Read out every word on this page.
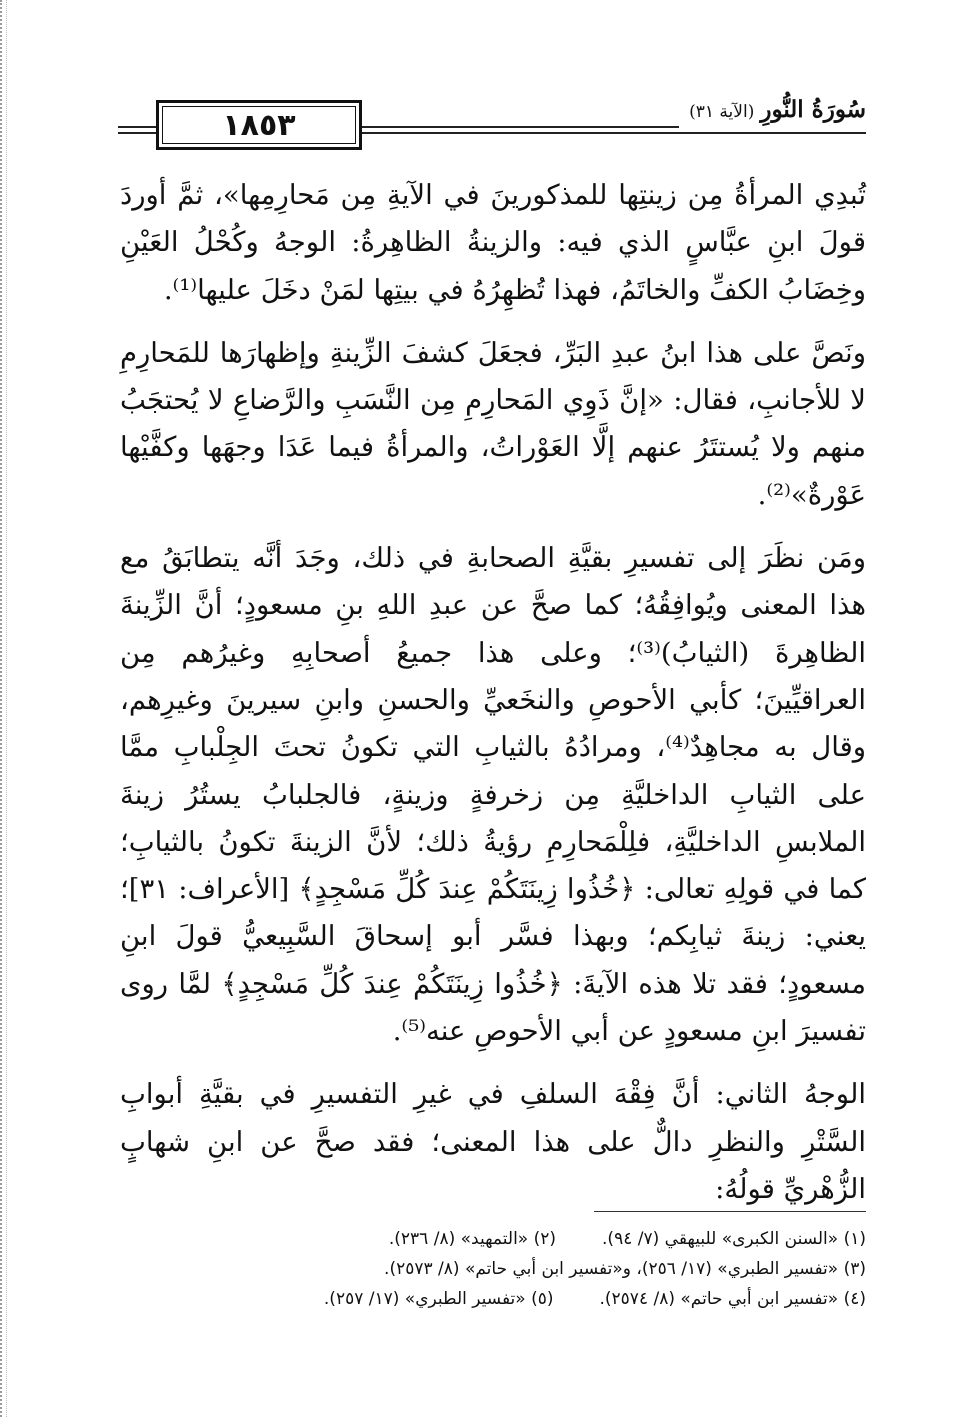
سُورَةُ النُّورِ
(الآية ٣١)
١٨٥٣

تُبدِي المرأةُ مِن زينتِها للمذكورينَ في الآيةِ مِن مَحارِمِها»، ثمَّ أوردَ قولَ ابنِ عبَّاسٍ الذي فيه: والزينةُ الظاهِرةُ: الوجهُ وكُحْلُ العَيْنِ وخِضَابُ الكفِّ والخاتَمُ، فهذا تُظهِرُهُ في بيتِها لمَنْ دخَلَ عليها⁽¹⁾.

ونَصَّ على هذا ابنُ عبدِ البَرِّ، فجعَلَ كشفَ الزِّينةِ وإظهارَها للمَحارِمِ لا للأجانبِ، فقال: «إنَّ ذَوِي المَحارِمِ مِن النَّسَبِ والرَّضاعِ لا يُحتجَبُ منهم ولا يُستتَرُ عنهم إلَّا العَوْراتُ، والمرأةُ فيما عَدَا وجهَها وكفَّيْها عَوْرةٌ»⁽²⁾.

ومَن نظَرَ إلى تفسيرِ بقيَّةِ الصحابةِ في ذلك، وجَدَ أنَّه يتطابَقُ مع هذا المعنى ويُوافِقُهُ؛ كما صحَّ عن عبدِ اللهِ بنِ مسعودٍ؛ أنَّ الزِّينةَ الظاهِرةَ (الثيابُ)⁽³⁾؛ وعلى هذا جميعُ أصحابِهِ وغيرُهم مِن العراقيِّينَ؛ كأبي الأحوصِ والنخَعيِّ والحسنِ وابنِ سيرينَ وغيرِهم، وقال به مجاهِدٌ⁽⁴⁾، ومرادُهُ بالثيابِ التي تكونُ تحتَ الجِلْبابِ ممَّا على الثيابِ الداخليَّةِ مِن زخرفةٍ وزينةٍ، فالجلبابُ يستُرُ زينةَ الملابسِ الداخليَّةِ، فلِلْمَحارِمِ رؤيةُ ذلك؛ لأنَّ الزينةَ تكونُ بالثيابِ؛ كما في قولِهِ تعالى: ﴿خُذُوا زِينَتَكُمْ عِندَ كُلِّ مَسْجِدٍ﴾ [الأعراف: ٣١]؛ يعني: زينةَ ثيابِكم؛ وبهذا فسَّر أبو إسحاقَ السَّبِيعيُّ قولَ ابنِ مسعودٍ؛ فقد تلا هذه الآيةَ: ﴿خُذُوا زِينَتَكُمْ عِندَ كُلِّ مَسْجِدٍ﴾ لمَّا روى تفسيرَ ابنِ مسعودٍ عن أبي الأحوصِ عنه⁽⁵⁾.

الوجهُ الثاني: أنَّ فِقْهَ السلفِ في غيرِ التفسيرِ في بقيَّةِ أبوابِ السَّتْرِ والنظرِ دالٌّ على هذا المعنى؛ فقد صحَّ عن ابنِ شهابٍ الزُّهْريِّ قولُهُ:

(١) «السنن الكبرى» للبيهقي (٧/ ٩٤).(٢) «التمهيد» (٨/ ٢٣٦).
(٣) «تفسير الطبري» (١٧/ ٢٥٦)، و«تفسير ابن أبي حاتم» (٨/ ٢٥٧٣).
(٤) «تفسير ابن أبي حاتم» (٨/ ٢٥٧٤).(٥) «تفسير الطبري» (١٧/ ٢٥٧).
